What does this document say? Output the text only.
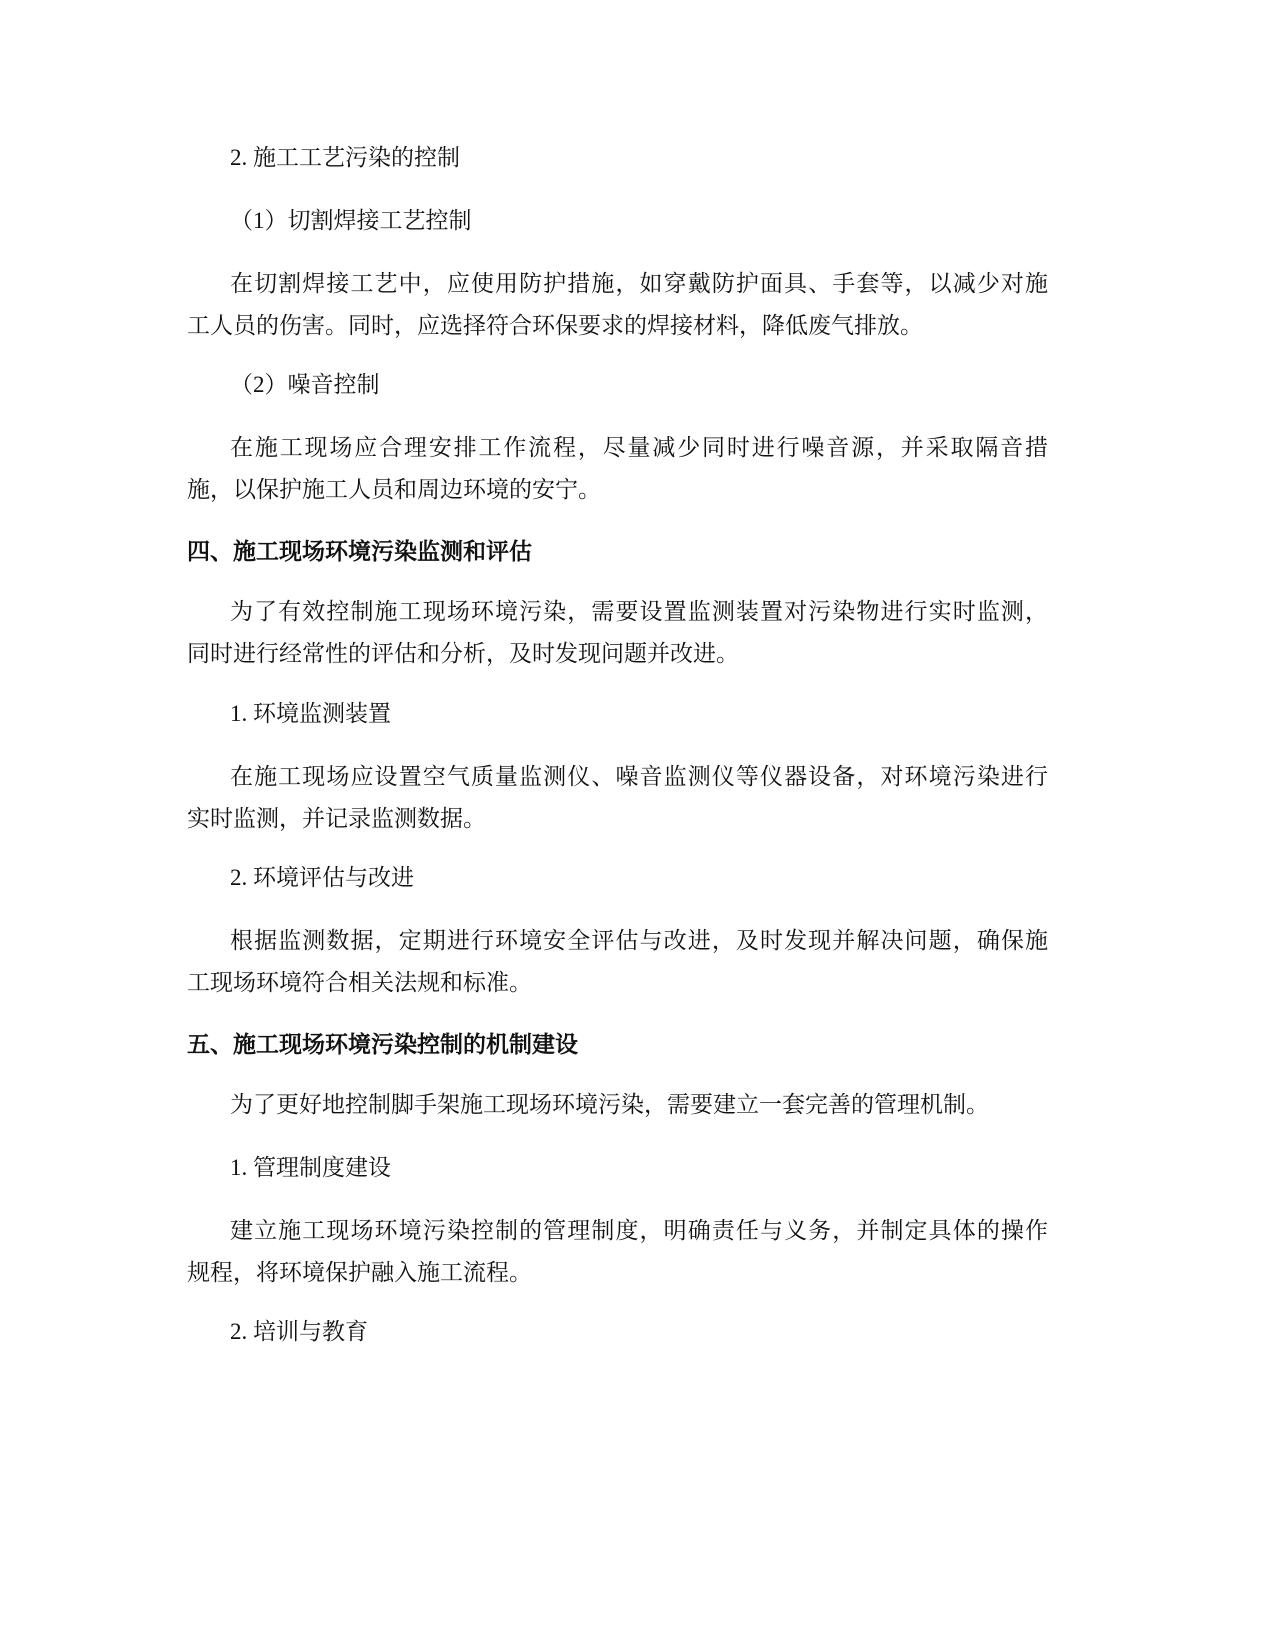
2. 施工工艺污染的控制

（1）切割焊接工艺控制

在切割焊接工艺中，应使用防护措施，如穿戴防护面具、手套等，以减少对施

工人员的伤害。同时，应选择符合环保要求的焊接材料，降低废气排放。

（2）噪音控制

在施工现场应合理安排工作流程，尽量减少同时进行噪音源，并采取隔音措

施，以保护施工人员和周边环境的安宁。

四、施工现场环境污染监测和评估

为了有效控制施工现场环境污染，需要设置监测装置对污染物进行实时监测，

同时进行经常性的评估和分析，及时发现问题并改进。

1. 环境监测装置

在施工现场应设置空气质量监测仪、噪音监测仪等仪器设备，对环境污染进行

实时监测，并记录监测数据。

2. 环境评估与改进

根据监测数据，定期进行环境安全评估与改进，及时发现并解决问题，确保施

工现场环境符合相关法规和标准。

五、施工现场环境污染控制的机制建设

为了更好地控制脚手架施工现场环境污染，需要建立一套完善的管理机制。

1. 管理制度建设

建立施工现场环境污染控制的管理制度，明确责任与义务，并制定具体的操作

规程，将环境保护融入施工流程。

2. 培训与教育
